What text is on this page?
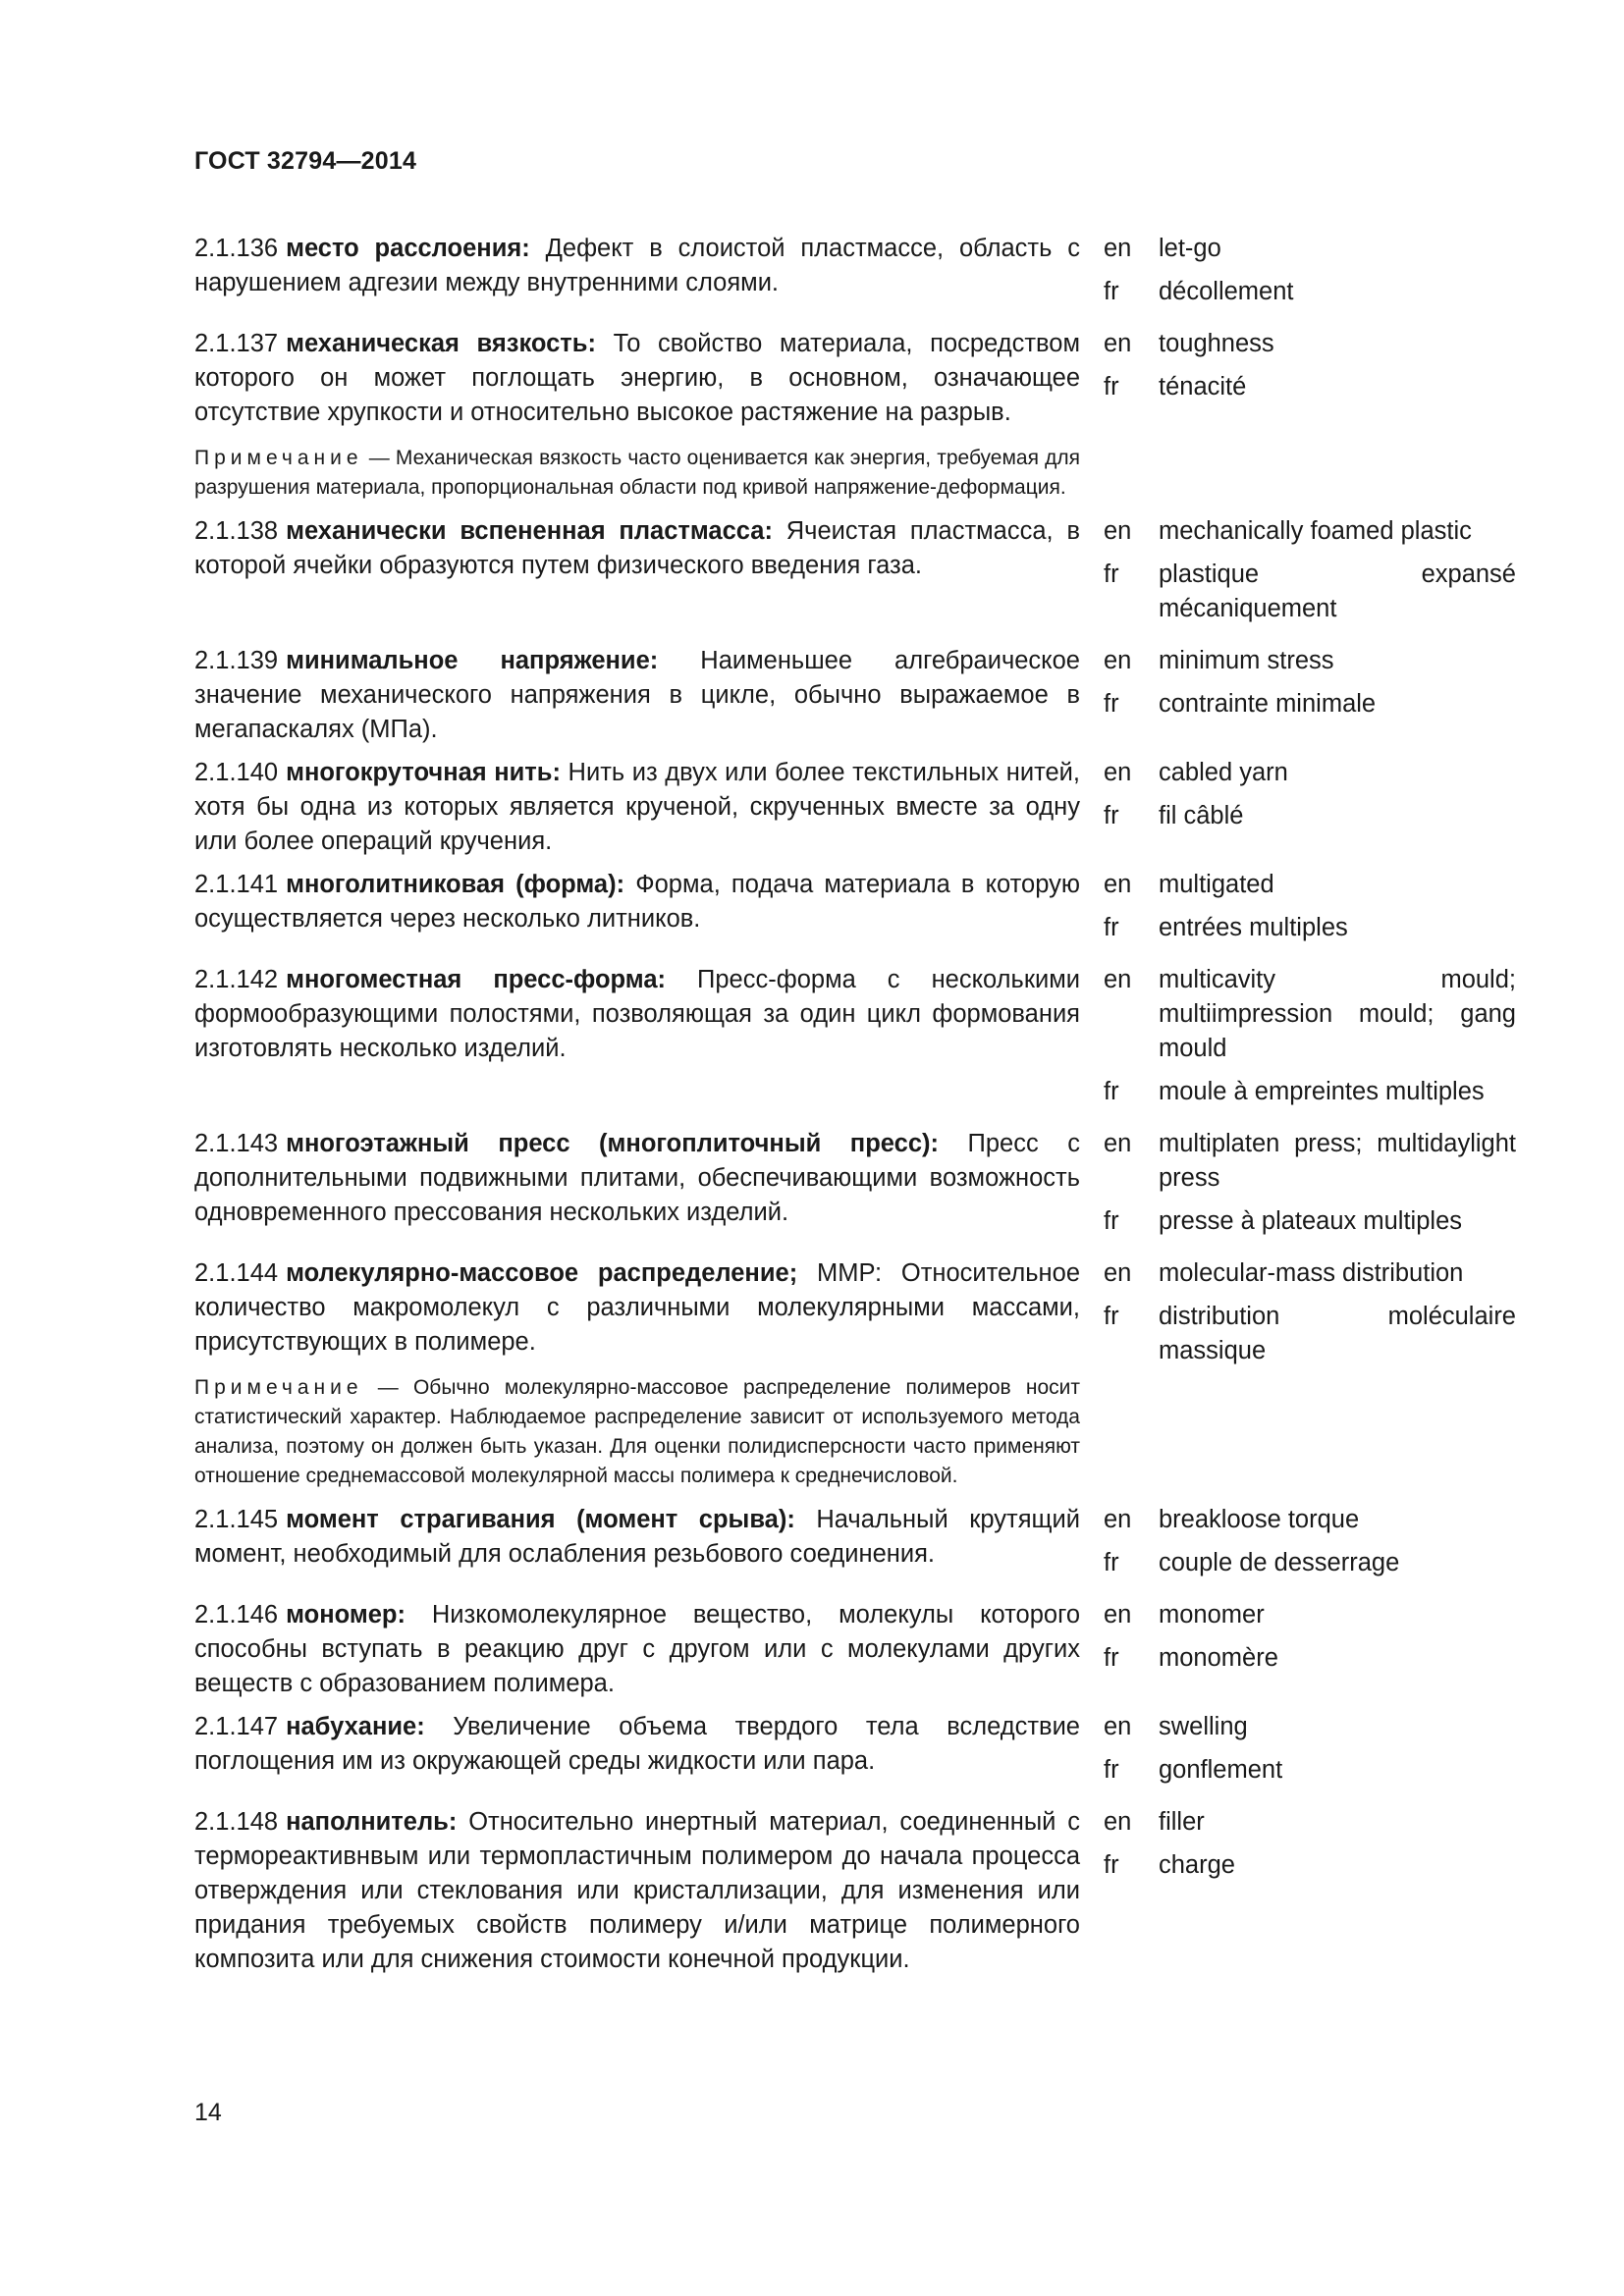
ГОСТ 32794—2014
2.1.136 место расслоения: Дефект в слоистой пластмассе, область с нарушением адгезии между внутренними слоями.
en	let-go
fr	décollement
2.1.137 механическая вязкость: То свойство материала, посредством которого он может поглощать энергию, в основном, означающее отсутствие хрупкости и относительно высокое растяжение на разрыв.
Примечание — Механическая вязкость часто оценивается как энергия, требуемая для разрушения материала, пропорциональная области под кривой напряжение-деформация.
en	toughness
fr	ténacité
2.1.138 механически вспененная пластмасса: Ячеистая пластмасса, в которой ячейки образуются путем физического введения газа.
en	mechanically foamed plastic
fr	plastique expansé mécaniquement
2.1.139 минимальное напряжение: Наименьшее алгебраическое значение механического напряжения в цикле, обычно выражаемое в мегапаскалях (МПа).
en	minimum stress
fr	contrainte minimale
2.1.140 многокруточная нить: Нить из двух или более текстильных нитей, хотя бы одна из которых является крученой, скрученных вместе за одну или более операций кручения.
en	cabled yarn
fr	fil câblé
2.1.141 многолитниковая (форма): Форма, подача материала в которую осуществляется через несколько литников.
en	multigated
fr	entrées multiples
2.1.142 многоместная пресс-форма: Пресс-форма с несколькими формообразующими полостями, позволяющая за один цикл формования изготовлять несколько изделий.
en	multicavity mould; multiimpression mould; gang mould
fr	moule à empreintes multiples
2.1.143 многоэтажный пресс (многоплиточный пресс): Пресс с дополнительными подвижными плитами, обеспечивающими возможность одновременного прессования нескольких изделий.
en	multiplaten press; multidaylight press
fr	presse à plateaux multiples
2.1.144 молекулярно-массовое распределение; ММР: Относительное количество макромолекул с различными молекулярными массами, присутствующих в полимере.
Примечание — Обычно молекулярно-массовое распределение полимеров носит статистический характер. Наблюдаемое распределение зависит от используемого метода анализа, поэтому он должен быть указан. Для оценки полидисперсности часто применяют отношение среднемассовой молекулярной массы полимера к среднечисловой.
en	molecular-mass distribution
fr	distribution moléculaire massique
2.1.145 момент страгивания (момент срыва): Начальный крутящий момент, необходимый для ослабления резьбового соединения.
en	breakloose torque
fr	couple de desserrage
2.1.146 мономер: Низкомолекулярное вещество, молекулы которого способны вступать в реакцию друг с другом или с молекулами других веществ с образованием полимера.
en	monomer
fr	monomère
2.1.147 набухание: Увеличение объема твердого тела вследствие поглощения им из окружающей среды жидкости или пара.
en	swelling
fr	gonflement
2.1.148 наполнитель: Относительно инертный материал, соединенный с термореактивнвым или термопластичным полимером до начала процесса отверждения или стеклования или кристаллизации, для изменения или придания требуемых свойств полимеру и/или матрице полимерного композита или для снижения стоимости конечной продукции.
en	filler
fr	charge
14
